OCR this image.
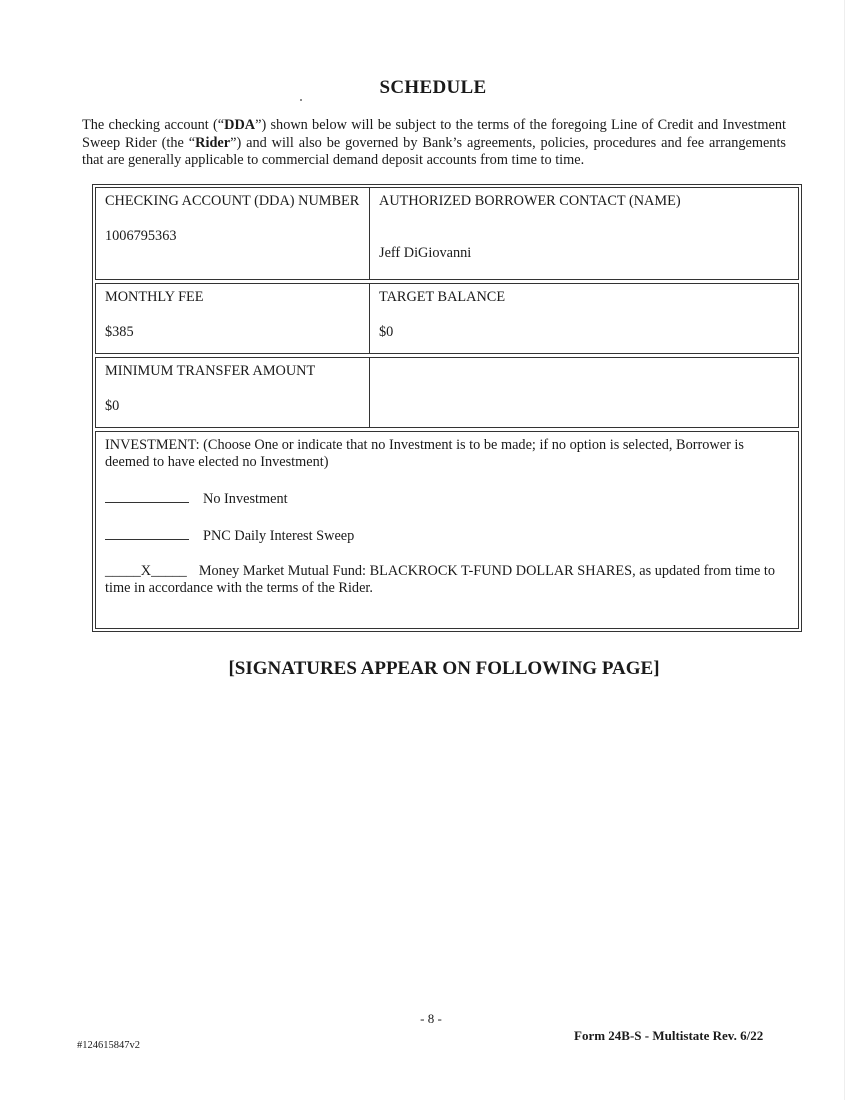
SCHEDULE
The checking account (“DDA”) shown below will be subject to the terms of the foregoing Line of Credit and Investment Sweep Rider (the “Rider”) and will also be governed by Bank’s agreements, policies, procedures and fee arrangements that are generally applicable to commercial demand deposit accounts from time to time.
CHECKING ACCOUNT (DDA) NUMBER
1006795363
AUTHORIZED BORROWER CONTACT (NAME)
Jeff DiGiovanni
MONTHLY FEE
$385
TARGET BALANCE
$0
MINIMUM TRANSFER AMOUNT
$0
INVESTMENT: (Choose One or indicate that no Investment is to be made; if no option is selected, Borrower is deemed to have elected no Investment)
No Investment
PNC Daily Interest Sweep
_____X_____ Money Market Mutual Fund: BLACKROCK T-FUND DOLLAR SHARES, as updated from time to time in accordance with the terms of the Rider.
[SIGNATURES APPEAR ON FOLLOWING PAGE]
- 8 -
Form 24B-S - Multistate Rev. 6/22
#124615847v2
